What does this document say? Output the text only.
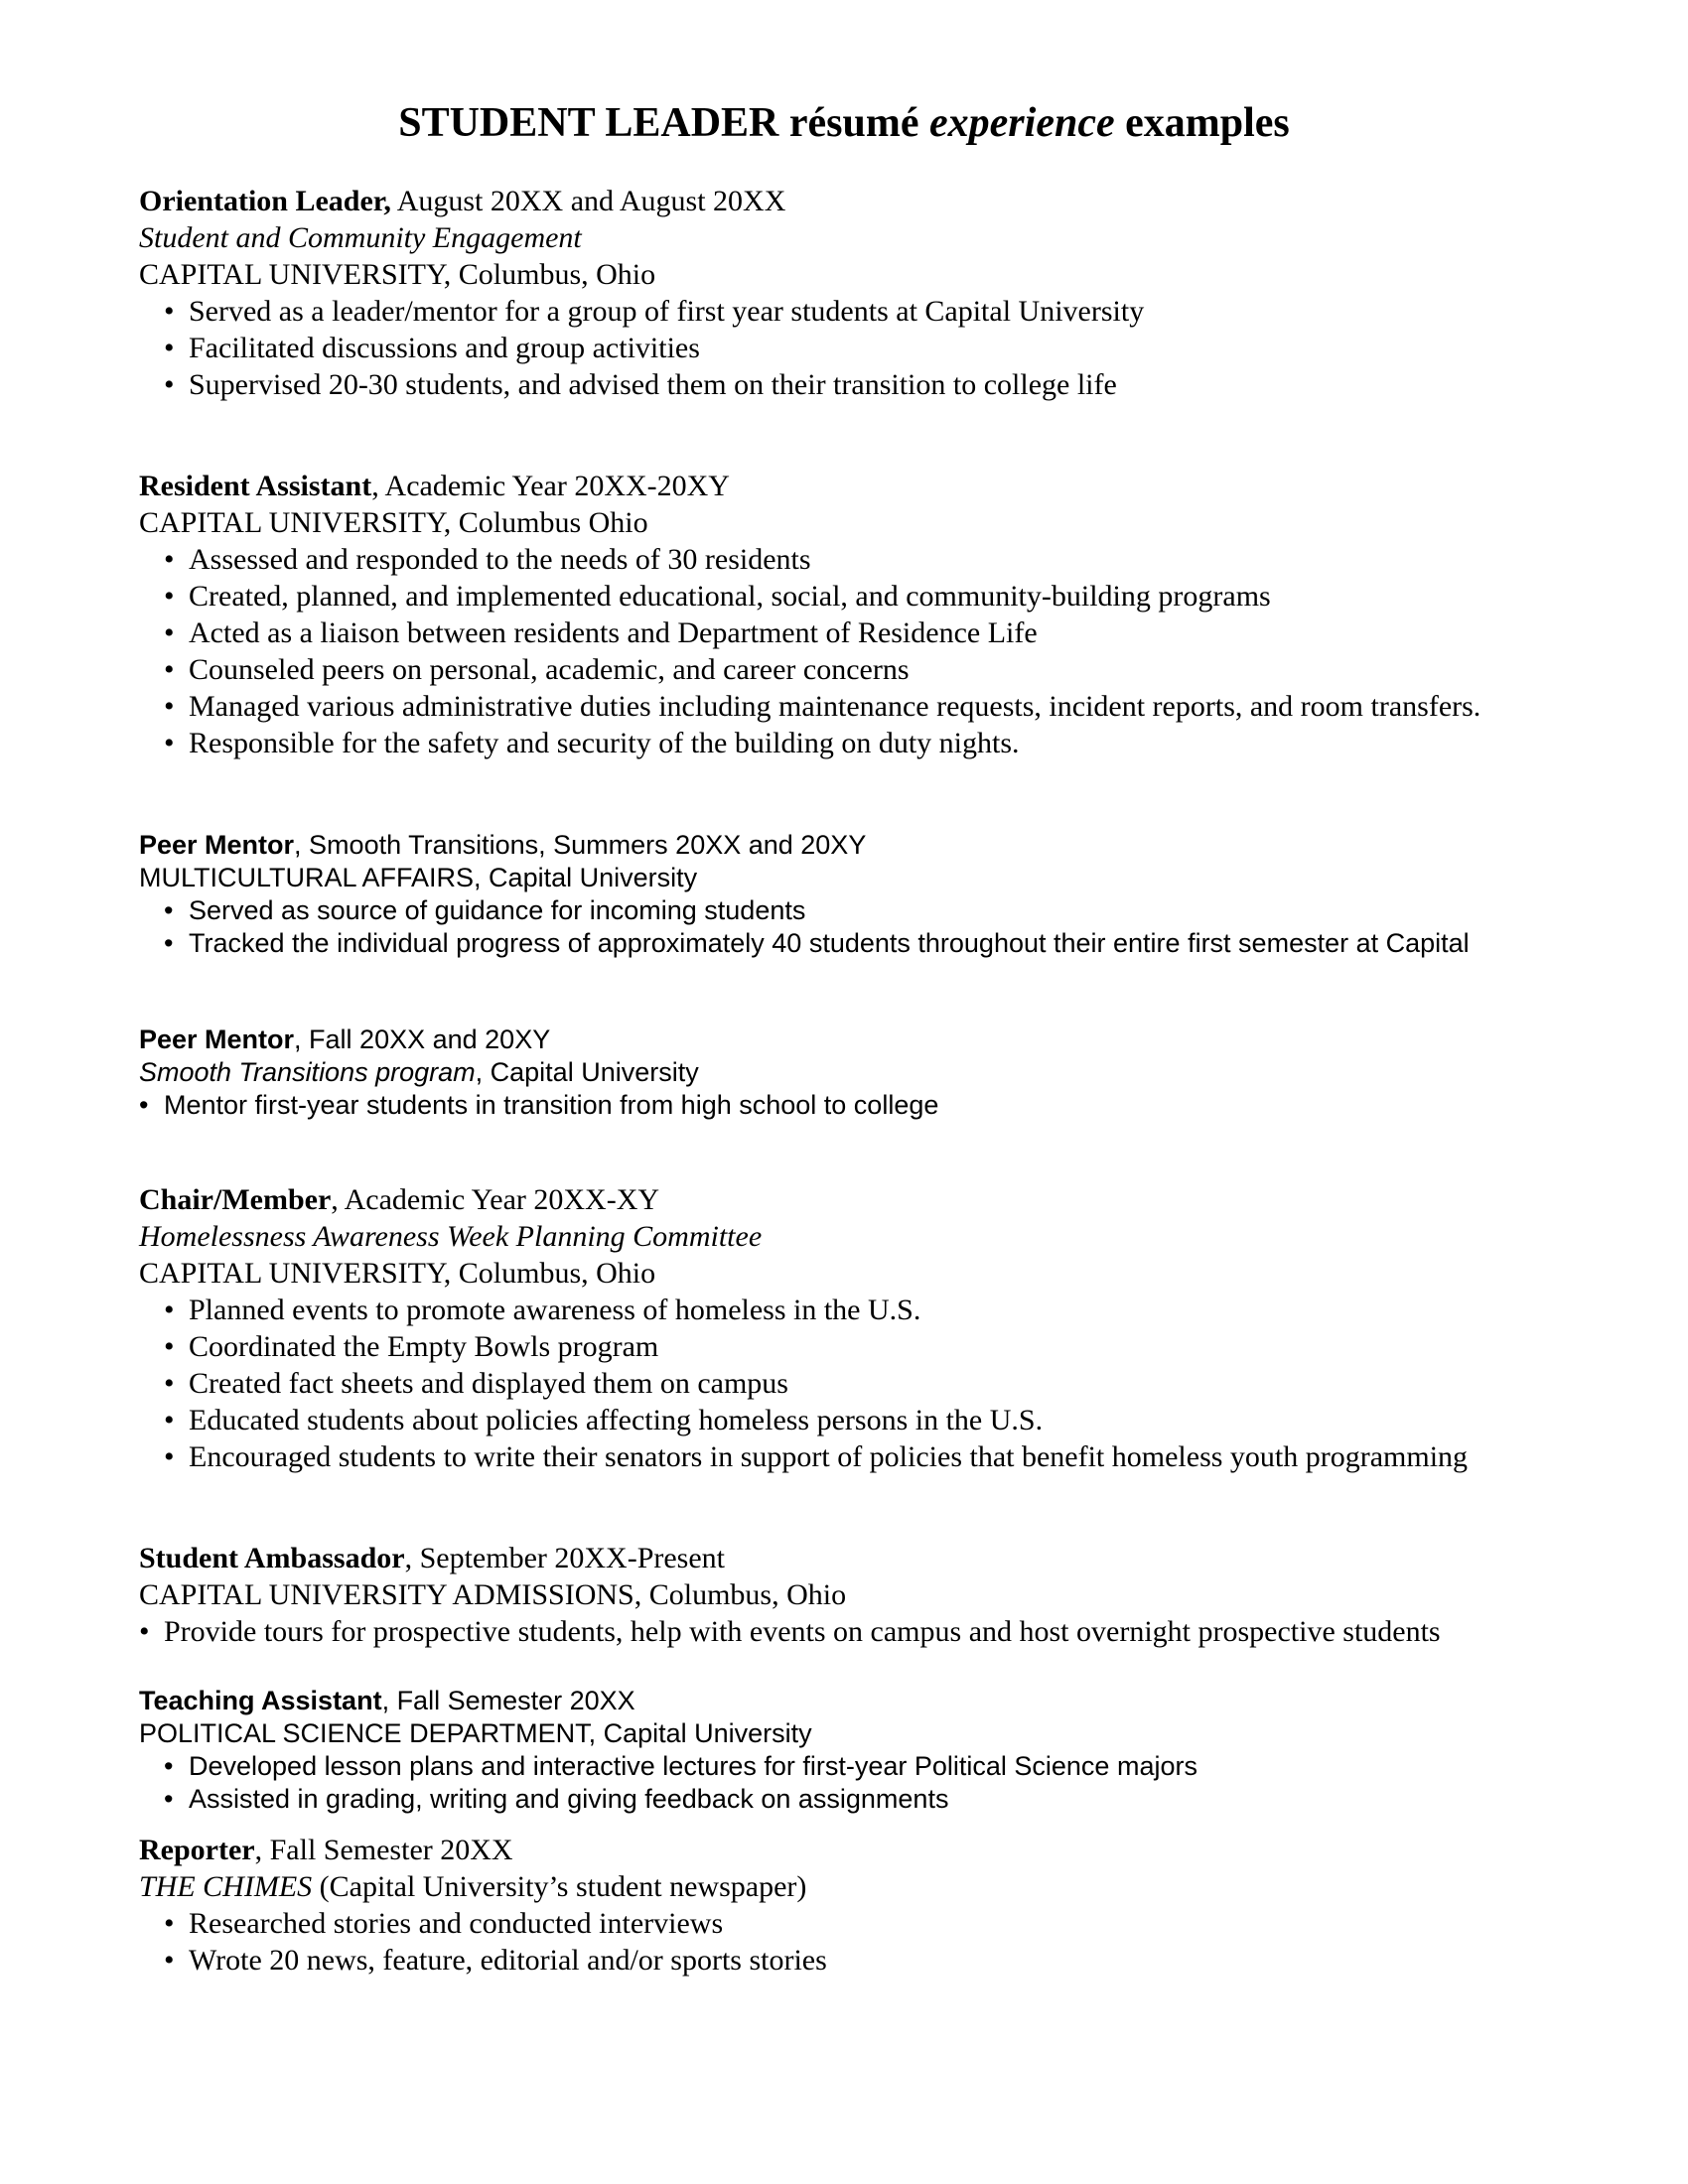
STUDENT LEADER résumé experience examples
Orientation Leader, August 20XX and August 20XX
Student and Community Engagement
CAPITAL UNIVERSITY, Columbus, Ohio
• Served as a leader/mentor for a group of first year students at Capital University
• Facilitated discussions and group activities
• Supervised 20-30 students, and advised them on their transition to college life
Resident Assistant, Academic Year 20XX-20XY
CAPITAL UNIVERSITY, Columbus Ohio
• Assessed and responded to the needs of 30 residents
• Created, planned, and implemented educational, social, and community-building programs
• Acted as a liaison between residents and Department of Residence Life
• Counseled peers on personal, academic, and career concerns
• Managed various administrative duties including maintenance requests, incident reports, and room transfers.
• Responsible for the safety and security of the building on duty nights.
Peer Mentor, Smooth Transitions, Summers 20XX and 20XY
MULTICULTURAL AFFAIRS, Capital University
• Served as source of guidance for incoming students
• Tracked the individual progress of approximately 40 students throughout their entire first semester at Capital
Peer Mentor, Fall 20XX and 20XY
Smooth Transitions program, Capital University
• Mentor first-year students in transition from high school to college
Chair/Member, Academic Year 20XX-XY
Homelessness Awareness Week Planning Committee
CAPITAL UNIVERSITY, Columbus, Ohio
• Planned events to promote awareness of homeless in the U.S.
• Coordinated the Empty Bowls program
• Created fact sheets and displayed them on campus
• Educated students about policies affecting homeless persons in the U.S.
• Encouraged students to write their senators in support of policies that benefit homeless youth programming
Student Ambassador, September 20XX-Present
CAPITAL UNIVERSITY ADMISSIONS, Columbus, Ohio
• Provide tours for prospective students, help with events on campus and host overnight prospective students
Teaching Assistant, Fall Semester 20XX
POLITICAL SCIENCE DEPARTMENT, Capital University
• Developed lesson plans and interactive lectures for first-year Political Science majors
• Assisted in grading, writing and giving feedback on assignments
Reporter, Fall Semester 20XX
THE CHIMES (Capital University’s student newspaper)
• Researched stories and conducted interviews
• Wrote 20 news, feature, editorial and/or sports stories
